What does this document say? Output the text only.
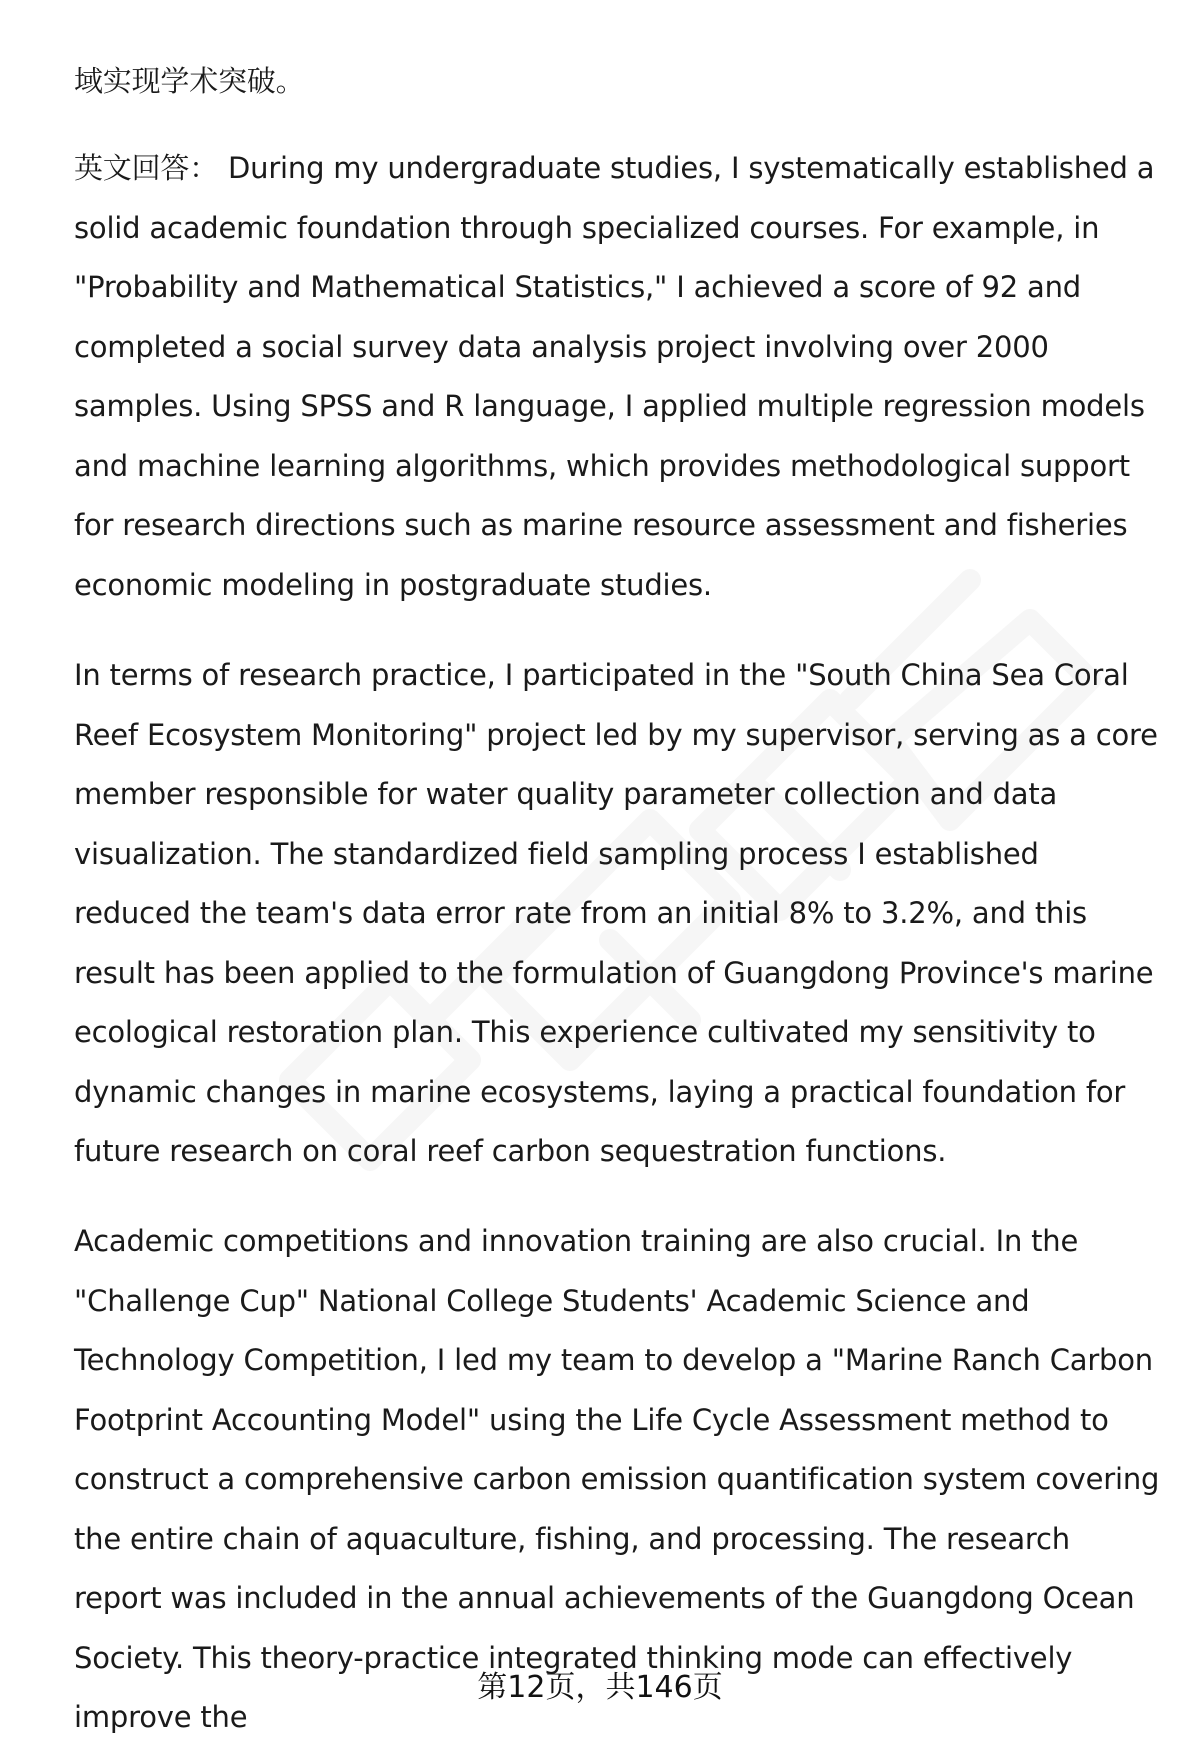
域实现学术突破。

英文回答： During my undergraduate studies, I systematically established a solid academic foundation through specialized courses. For example, in "Probability and Mathematical Statistics," I achieved a score of 92 and completed a social survey data analysis project involving over 2000 samples. Using SPSS and R language, I applied multiple regression models and machine learning algorithms, which provides methodological support for research directions such as marine resource assessment and fisheries economic modeling in postgraduate studies.

In terms of research practice, I participated in the "South China Sea Coral Reef Ecosystem Monitoring" project led by my supervisor, serving as a core member responsible for water quality parameter collection and data visualization. The standardized field sampling process I established reduced the team's data error rate from an initial 8% to 3.2%, and this result has been applied to the formulation of Guangdong Province's marine ecological restoration plan. This experience cultivated my sensitivity to dynamic changes in marine ecosystems, laying a practical foundation for future research on coral reef carbon sequestration functions.

Academic competitions and innovation training are also crucial. In the "Challenge Cup" National College Students' Academic Science and Technology Competition, I led my team to develop a "Marine Ranch Carbon Footprint Accounting Model" using the Life Cycle Assessment method to construct a comprehensive carbon emission quantification system covering the entire chain of aquaculture, fishing, and processing. The research report was included in the annual achievements of the Guangdong Ocean Society. This theory-practice integrated thinking mode can effectively improve the

第12页，共146页
